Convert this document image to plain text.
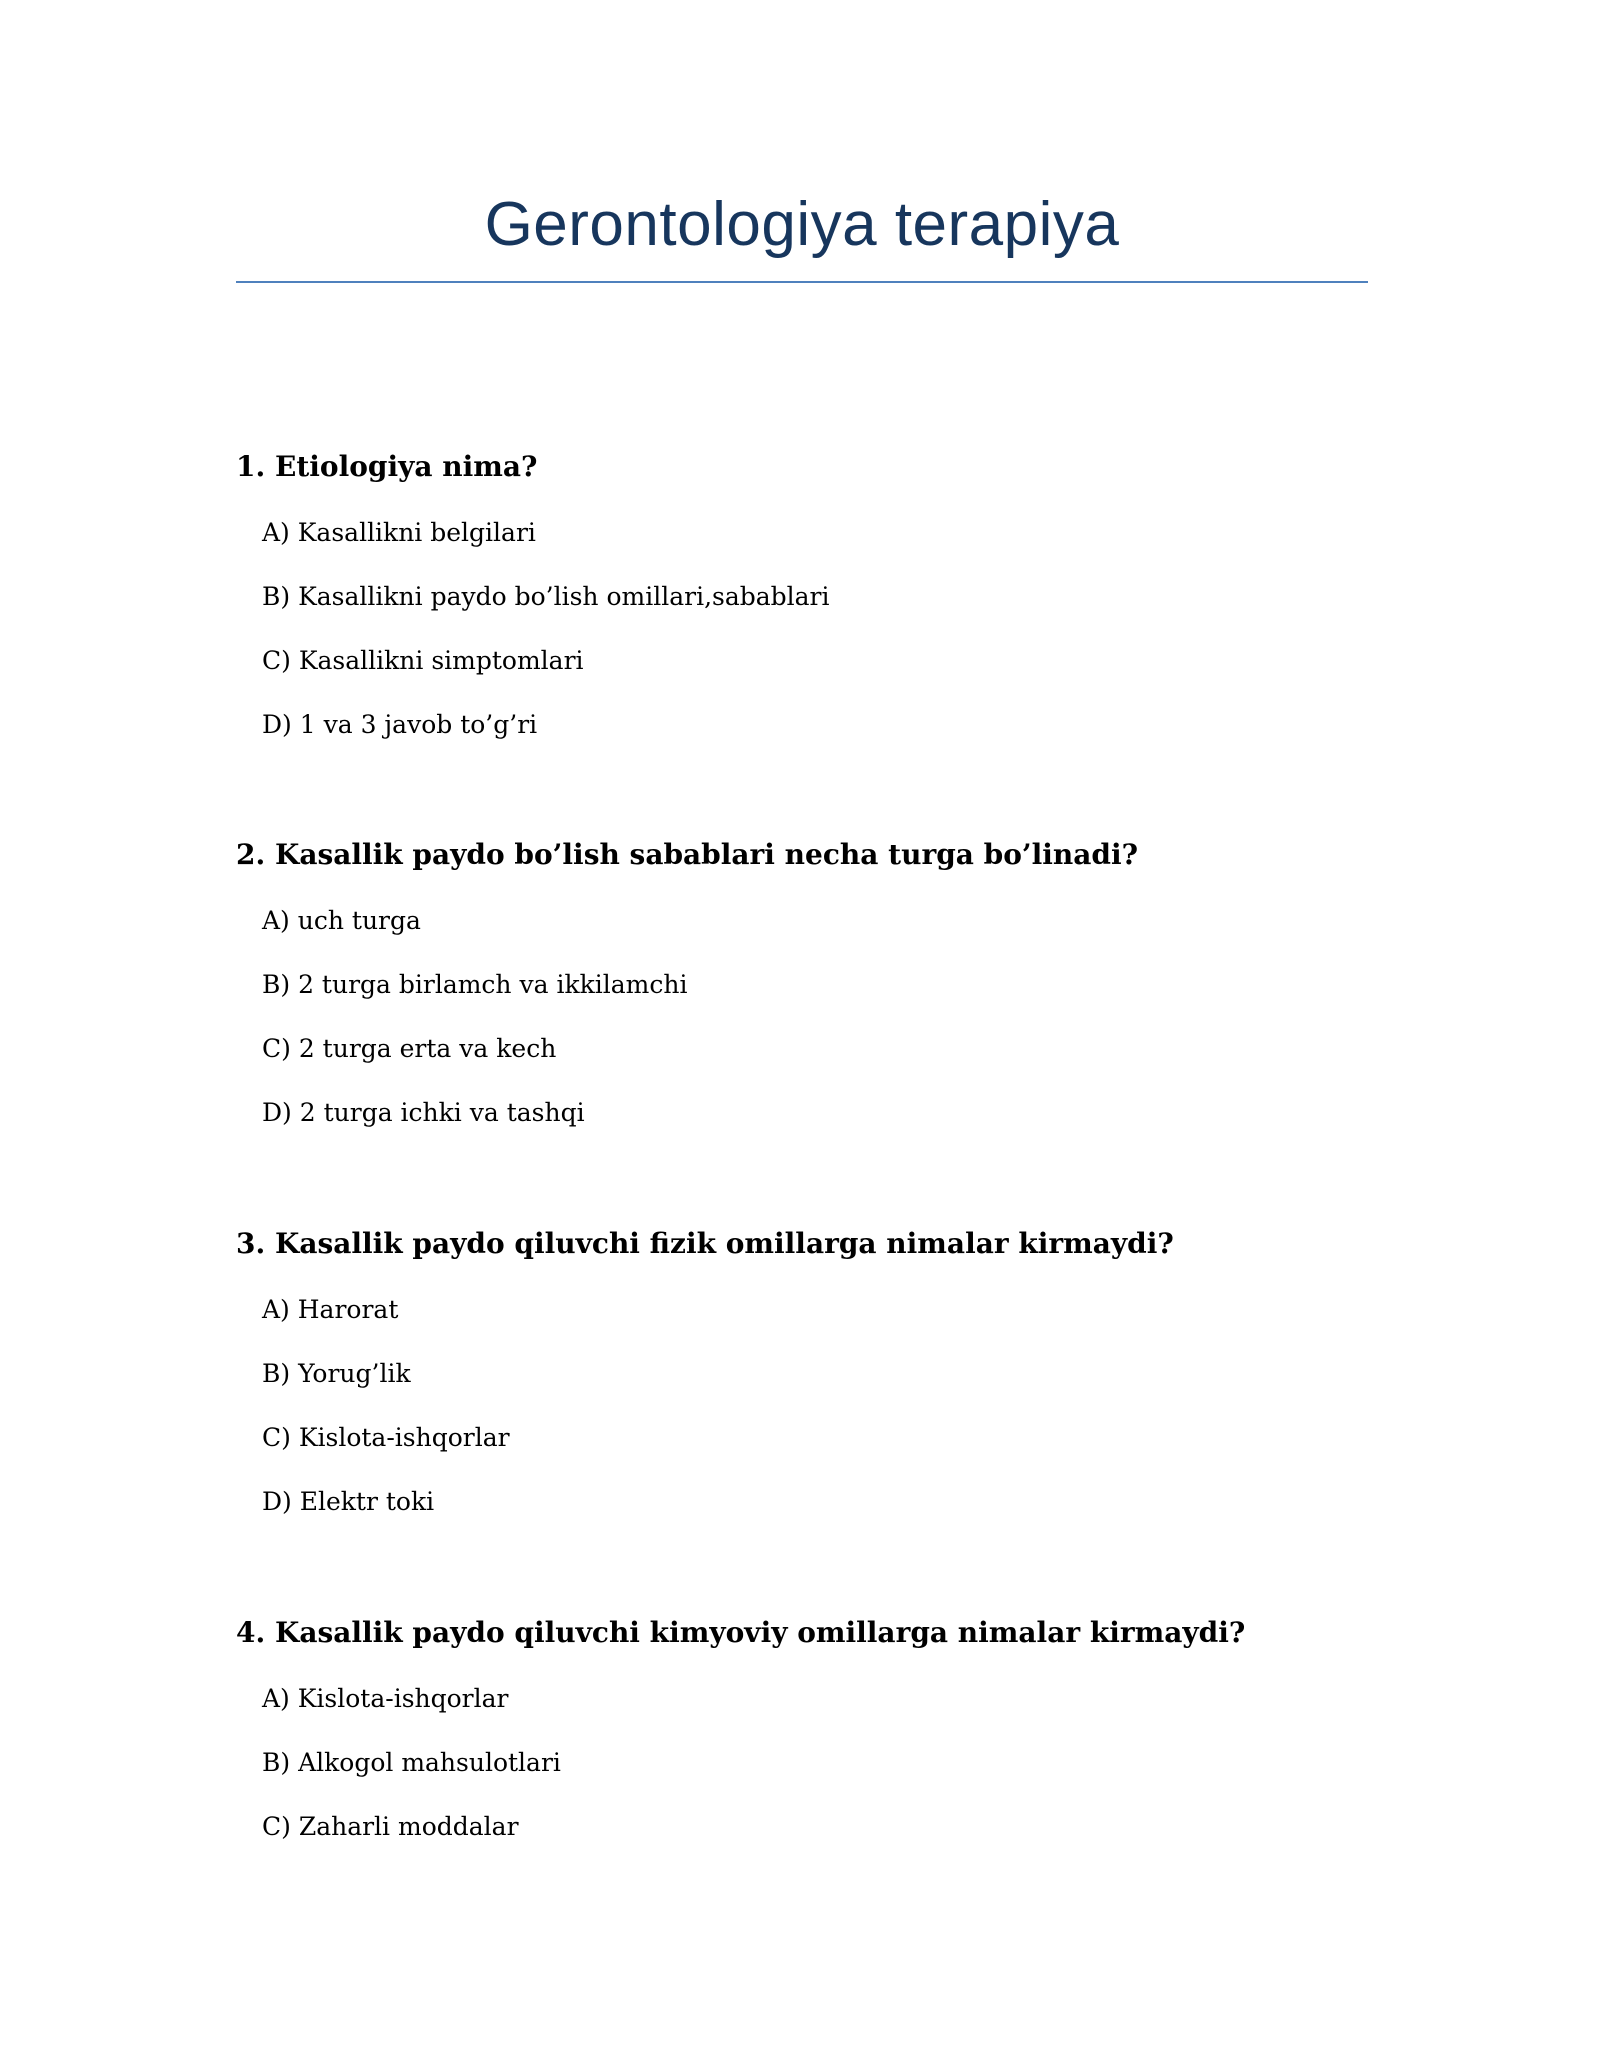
Gerontologiya terapiya

1. Etiologiya nima?

A) Kasallikni belgilari
B) Kasallikni paydo bo’lish omillari,sabablari
C) Kasallikni simptomlari
D) 1 va 3 javob to’g’ri

2. Kasallik paydo bo’lish sabablari necha turga bo’linadi?

A) uch turga
B) 2 turga birlamch va ikkilamchi
C) 2 turga erta va kech
D) 2 turga ichki va tashqi

3. Kasallik paydo qiluvchi fizik omillarga nimalar kirmaydi?

A) Harorat
B) Yorug’lik
C) Kislota-ishqorlar
D) Elektr toki

4. Kasallik paydo qiluvchi kimyoviy omillarga nimalar kirmaydi?

A) Kislota-ishqorlar
B) Alkogol mahsulotlari
C) Zaharli moddalar
